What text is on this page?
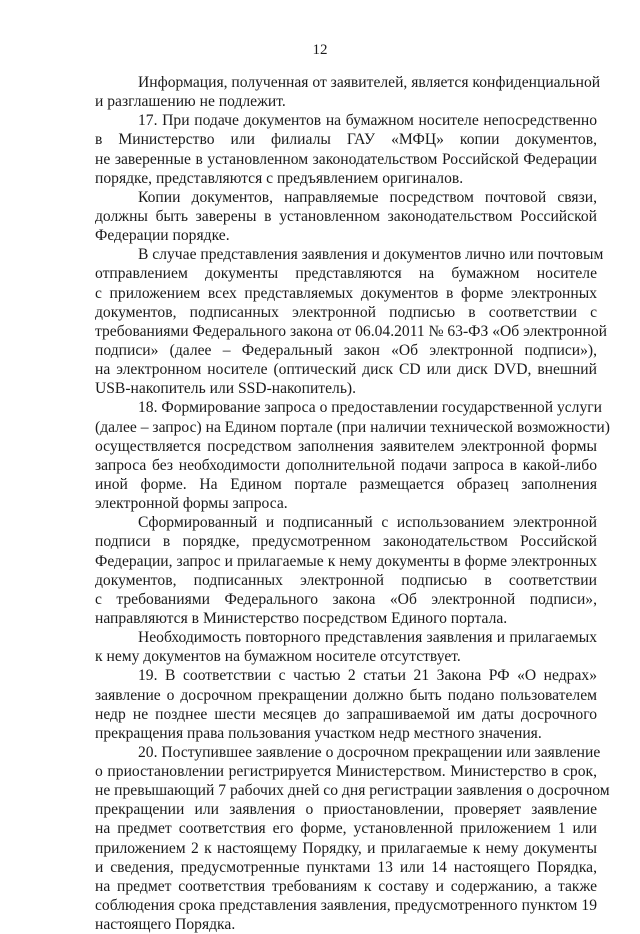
12
Информация, полученная от заявителей, является конфиденциальной
и разглашению не подлежит.
17. При подаче документов на бумажном носителе непосредственно
в Министерство или филиалы ГАУ «МФЦ» копии документов,
не заверенные в установленном законодательством Российской Федерации
порядке, представляются с предъявлением оригиналов.
Копии документов, направляемые посредством почтовой связи,
должны быть заверены в установленном законодательством Российской
Федерации порядке.
В случае представления заявления и документов лично или почтовым
отправлением документы представляются на бумажном носителе
с приложением всех представляемых документов в форме электронных
документов, подписанных электронной подписью в соответствии с
требованиями Федерального закона от 06.04.2011 № 63-ФЗ «Об электронной
подписи» (далее – Федеральный закон «Об электронной подписи»),
на электронном носителе (оптический диск CD или диск DVD, внешний
USB-накопитель или SSD-накопитель).
18. Формирование запроса о предоставлении государственной услуги
(далее – запрос) на Едином портале (при наличии технической возможности)
осуществляется посредством заполнения заявителем электронной формы
запроса без необходимости дополнительной подачи запроса в какой-либо
иной форме. На Едином портале размещается образец заполнения
электронной формы запроса.
Сформированный и подписанный с использованием электронной
подписи в порядке, предусмотренном законодательством Российской
Федерации, запрос и прилагаемые к нему документы в форме электронных
документов, подписанных электронной подписью в соответствии
с требованиями Федерального закона «Об электронной подписи»,
направляются в Министерство посредством Единого портала.
Необходимость повторного представления заявления и прилагаемых
к нему документов на бумажном носителе отсутствует.
19. В соответствии с частью 2 статьи 21 Закона РФ «О недрах»
заявление о досрочном прекращении должно быть подано пользователем
недр не позднее шести месяцев до запрашиваемой им даты досрочного
прекращения права пользования участком недр местного значения.
20. Поступившее заявление о досрочном прекращении или заявление
о приостановлении регистрируется Министерством. Министерство в срок,
не превышающий 7 рабочих дней со дня регистрации заявления о досрочном
прекращении или заявления о приостановлении, проверяет заявление
на предмет соответствия его форме, установленной приложением 1 или
приложением 2 к настоящему Порядку, и прилагаемые к нему документы
и сведения, предусмотренные пунктами 13 или 14 настоящего Порядка,
на предмет соответствия требованиям к составу и содержанию, а также
соблюдения срока представления заявления, предусмотренного пунктом 19
настоящего Порядка.
